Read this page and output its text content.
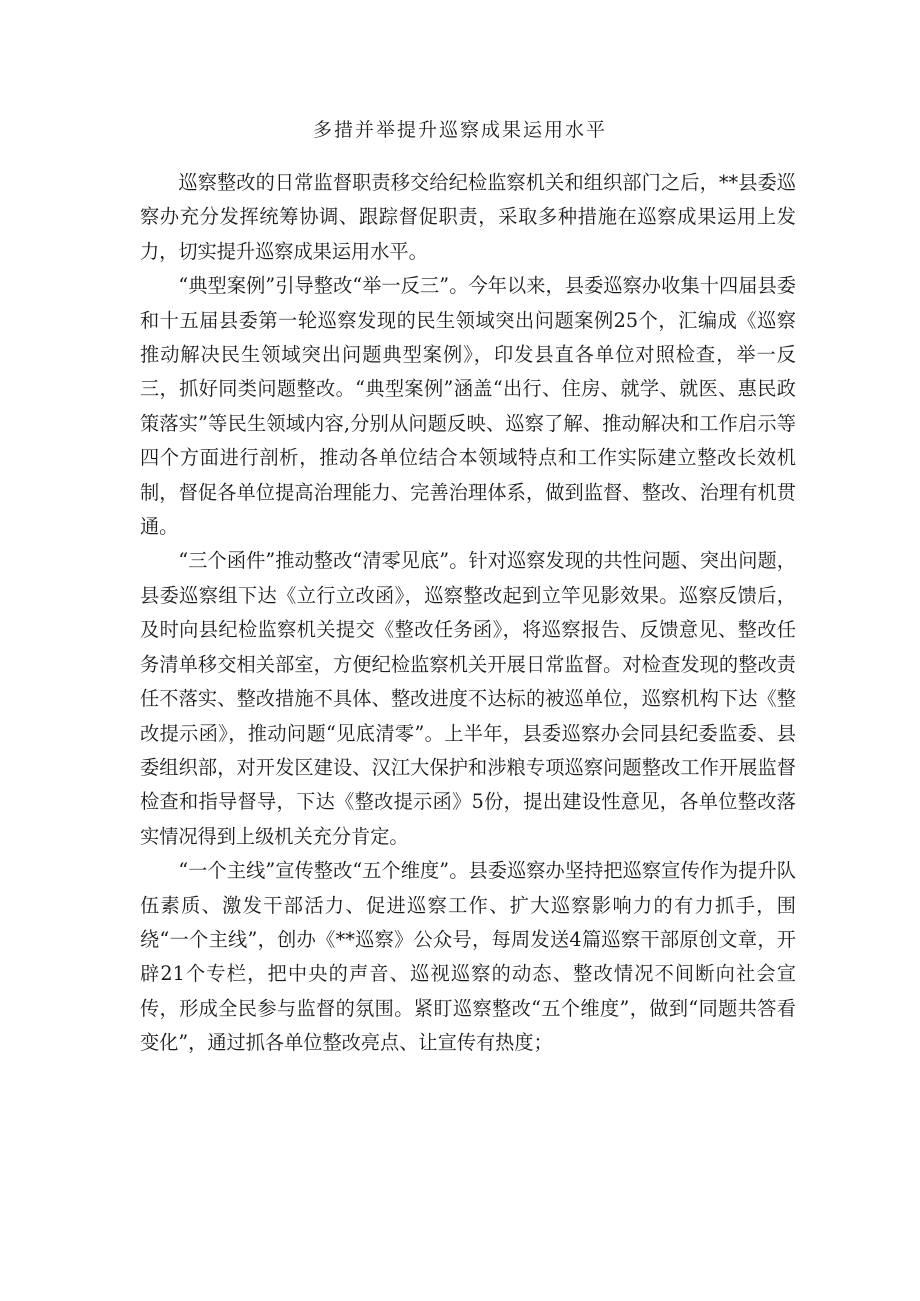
多措并举提升巡察成果运用水平

巡察整改的日常监督职责移交给纪检监察机关和组织部门之后，**县委巡察办充分发挥统筹协调、跟踪督促职责，采取多种措施在巡察成果运用上发力，切实提升巡察成果运用水平。

“典型案例”引导整改“举一反三”。今年以来，县委巡察办收集十四届县委和十五届县委第一轮巡察发现的民生领域突出问题案例25个，汇编成《巡察推动解决民生领域突出问题典型案例》，印发县直各单位对照检查，举一反三，抓好同类问题整改。“典型案例”涵盖“出行、住房、就学、就医、惠民政策落实”等民生领域内容,分别从问题反映、巡察了解、推动解决和工作启示等四个方面进行剖析，推动各单位结合本领域特点和工作实际建立整改长效机制，督促各单位提高治理能力、完善治理体系，做到监督、整改、治理有机贯通。

“三个函件”推动整改“清零见底”。针对巡察发现的共性问题、突出问题，县委巡察组下达《立行立改函》，巡察整改起到立竿见影效果。巡察反馈后，及时向县纪检监察机关提交《整改任务函》，将巡察报告、反馈意见、整改任务清单移交相关部室，方便纪检监察机关开展日常监督。对检查发现的整改责任不落实、整改措施不具体、整改进度不达标的被巡单位，巡察机构下达《整改提示函》，推动问题“见底清零”。上半年，县委巡察办会同县纪委监委、县委组织部，对开发区建设、汉江大保护和涉粮专项巡察问题整改工作开展监督检查和指导督导，下达《整改提示函》5份，提出建设性意见，各单位整改落实情况得到上级机关充分肯定。

“一个主线”宣传整改“五个维度”。县委巡察办坚持把巡察宣传作为提升队伍素质、激发干部活力、促进巡察工作、扩大巡察影响力的有力抓手，围绕“一个主线”，创办《**巡察》公众号，每周发送4篇巡察干部原创文章，开辟21个专栏，把中央的声音、巡视巡察的动态、整改情况不间断向社会宣传，形成全民参与监督的氛围。紧盯巡察整改“五个维度”，做到“同题共答看变化”，通过抓各单位整改亮点、让宣传有热度；
